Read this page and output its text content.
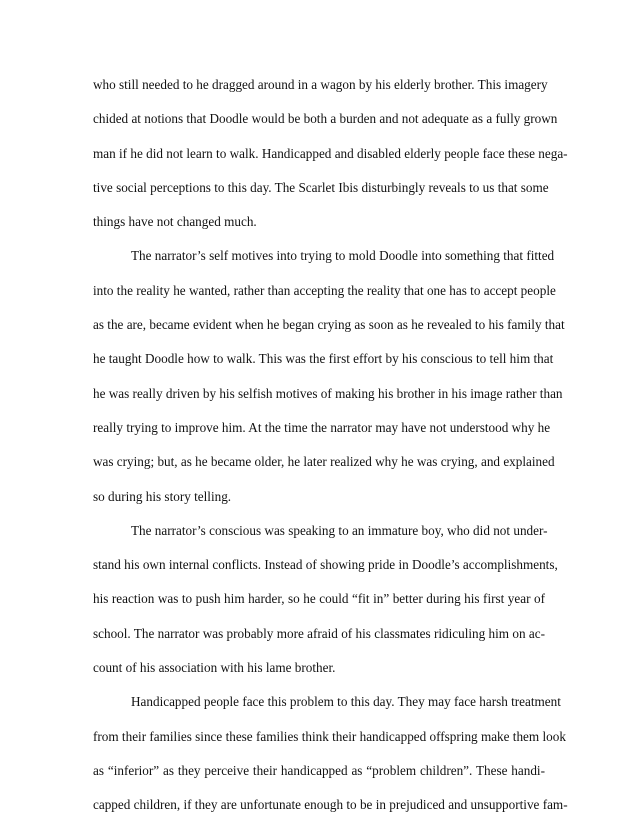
who still needed to he dragged around in a wagon by his elderly brother. This imagery
chided at notions that Doodle would be both a burden and not adequate as a fully grown
man if he did not learn to walk. Handicapped and disabled elderly people face these nega-
tive social perceptions to this day. The Scarlet Ibis disturbingly reveals to us that some
things have not changed much.
The narrator’s self motives into trying to mold Doodle into something that fitted
into the reality he wanted, rather than accepting the reality that one has to accept people
as the are, became evident when he began crying as soon as he revealed to his family that
he taught Doodle how to walk. This was the first effort by his conscious to tell him that
he was really driven by his selfish motives of making his brother in his image rather than
really trying to improve him. At the time the narrator may have not understood why he
was crying; but, as he became older, he later realized why he was crying, and explained
so during his story telling.
The narrator’s conscious was speaking to an immature boy, who did not under-
stand his own internal conflicts. Instead of showing pride in Doodle’s accomplishments,
his reaction was to push him harder, so he could “fit in” better during his first year of
school. The narrator was probably more afraid of his classmates ridiculing him on ac-
count of his association with his lame brother.
Handicapped people face this problem to this day. They may face harsh treatment
from their families since these families think their handicapped offspring make them look
as “inferior” as they perceive their handicapped as “problem children”. These handi-
capped children, if they are unfortunate enough to be in prejudiced and unsupportive fam-
